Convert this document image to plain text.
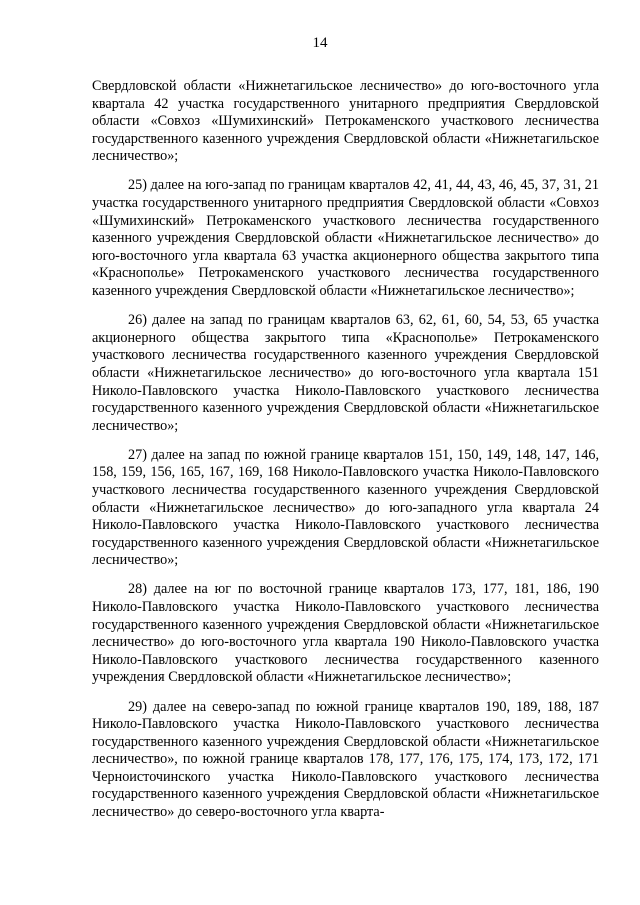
14

Свердловской области «Нижнетагильское лесничество» до юго-восточного угла квартала 42 участка государственного унитарного предприятия Свердловской области «Совхоз «Шумихинский» Петрокаменского участкового лесничества государственного казенного учреждения Свердловской области «Нижнетагильское лесничество»;

25) далее на юго-запад по границам кварталов 42, 41, 44, 43, 46, 45, 37, 31, 21 участка государственного унитарного предприятия Свердловской области «Совхоз «Шумихинский» Петрокаменского участкового лесничества государственного казенного учреждения Свердловской области «Нижнетагильское лесничество» до юго-восточного угла квартала 63 участка акционерного общества закрытого типа «Краснополье» Петрокаменского участкового лесничества государственного казенного учреждения Свердловской области «Нижнетагильское лесничество»;

26) далее на запад по границам кварталов 63, 62, 61, 60, 54, 53, 65 участка акционерного общества закрытого типа «Краснополье» Петрокаменского участкового лесничества государственного казенного учреждения Свердловской области «Нижнетагильское лесничество» до юго-восточного угла квартала 151 Николо-Павловского участка Николо-Павловского участкового лесничества государственного казенного учреждения Свердловской области «Нижнетагильское лесничество»;

27) далее на запад по южной границе кварталов 151, 150, 149, 148, 147, 146, 158, 159, 156, 165, 167, 169, 168 Николо-Павловского участка Николо-Павловского участкового лесничества государственного казенного учреждения Свердловской области «Нижнетагильское лесничество» до юго-западного угла квартала 24 Николо-Павловского участка Николо-Павловского участкового лесничества государственного казенного учреждения Свердловской области «Нижнетагильское лесничество»;

28) далее на юг по восточной границе кварталов 173, 177, 181, 186, 190 Николо-Павловского участка Николо-Павловского участкового лесничества государственного казенного учреждения Свердловской области «Нижнетагильское лесничество» до юго-восточного угла квартала 190 Николо-Павловского участка Николо-Павловского участкового лесничества государственного казенного учреждения Свердловской области «Нижнетагильское лесничество»;

29) далее на северо-запад по южной границе кварталов 190, 189, 188, 187 Николо-Павловского участка Николо-Павловского участкового лесничества государственного казенного учреждения Свердловской области «Нижнетагильское лесничество», по южной границе кварталов 178, 177, 176, 175, 174, 173, 172, 171 Черноисточинского участка Николо-Павловского участкового лесничества государственного казенного учреждения Свердловской области «Нижнетагильское лесничество» до северо-восточного угла кварта-
